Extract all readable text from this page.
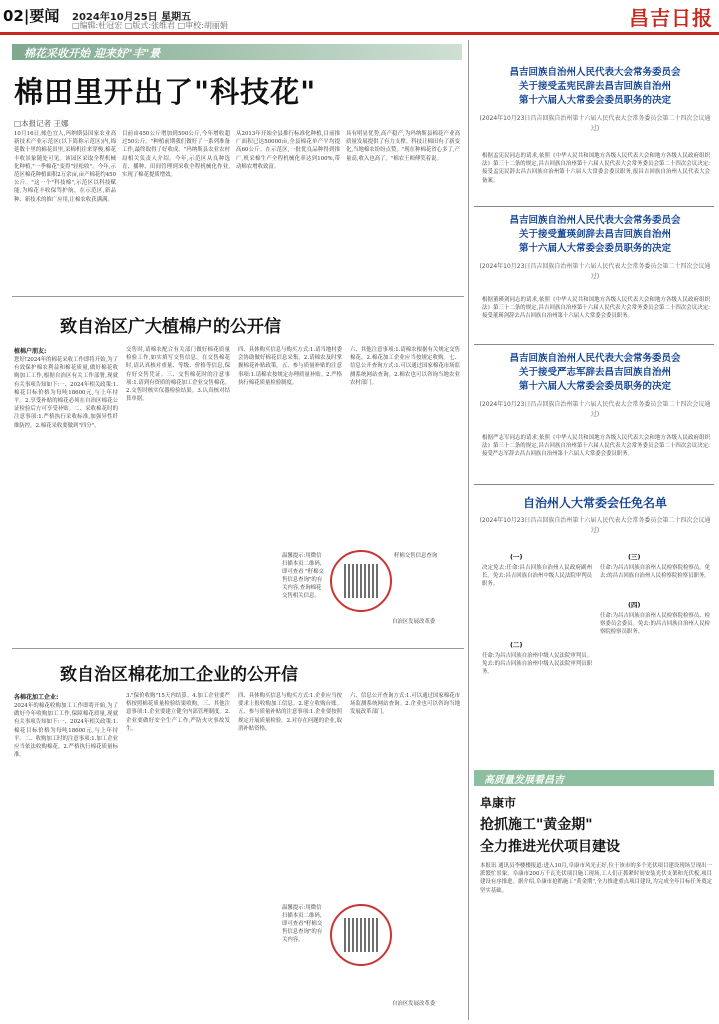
02|要闻 2024年10月25日 星期五
□编辑:杜冠宏 □版式:张维君 □审校:胡丽娟	昌吉日报
棉花采收开始 迎来好"丰"景
棉田里开出了"科技花"
□本报记者 王娜
10月16日,帐色宜人,玛纳斯县国家农业高新技术产业示范区(以下简称示范区)内,绵延数十里的棉花田里,采棉机往来穿梭,棉花丰收景象随处可见。该园区采取全程机械化种植,"一季棉花"变得"轻松收"。今年,示范区棉花种植面积2万余亩,亩产棉花约450公斤。"这一个"科技棉",示范区以科技赋能,为棉花丰收保驾护航。在示范区,新品种、新技术的推广应用,让棉农收获满满。
目前由450公斤增加到500公斤,今年增收超过50公斤。"种植前期我们做好了一系列准备工作,最终取得了好收成。"玛纳斯县农业农村局相关负责人介绍。今年,示范区从良种选育、播种、田间管理到采收全程机械化作业,实现了棉花提质增效。
从2013年开始全县推行标准化种植,目前推广面积已达50000亩,全县棉花单产平均提高60公斤。在示范区,一批优良品种得到推广,机采棉生产全程机械化率达到100%,带动棉农增收致富。
具有明显优势,高产稳产,为玛纳斯县棉花产业高质量发展提供了有力支撑。科技让棉田有了新变化,当地棉农纷纷点赞。"现在种棉花省心多了,产量高,收入也高了。"棉农王师傅笑着说。
致自治区广大植棉户的公开信
植棉户朋友:
您好!2024年的棉花采收工作即将开始,为了有效保护棉农利益和棉花质量,做好棉花收购加工工作,根据自治区有关工作部署,现就有关事项告知如下:一、2024年相关政策:1.棉花目标价格为每吨18600元,与上年持平。2.享受补贴的棉花必须在自治区棉花公证检验后方可享受补贴。二、采收棉花时的注意事项:1.严格执行采收标准,加强异性纤维防控。2.棉花采收要做到"四分"。
交售时,请棉农配合有关部门做好棉花质量检验工作,如实填写交售信息。在交售棉花时,请认真核对重量、等级、价格等信息,保存好交售凭证。三、交售棉花时的注意事项:1.请到有资质的棉花加工企业交售棉花。2.交售时核实仪器检验结果。3.认真核对结算单据。
四、具体购买信息与购买方式:1.请当地村委会协助做好棉花信息采集。2.请棉农及时掌握棉花补贴政策。五、参与质量补贴的注意事项:1.请棉农按规定办理质量补贴。2.严格执行棉花质量检验制度。
六、其他注意事项:1.请棉农根据有关规定交售棉花。2.棉花加工企业应当按规定收购。七、信息公开查询方式:1.可以通过国家棉花市场监测系统网站查询。2.棉农也可以咨询当地农业农村部门。
温馨提示:用微信扫描本页二维码,即可查看 "籽棉交售信息查询"的有关内容,查询棉花交售相关信息。
籽棉交售信息查询
自治区发展改革委
致自治区棉花加工企业的公开信
各棉花加工企业:
2024年的棉花收购加工工作即将开始,为了做好今年收购加工工作,保障棉花质量,现就有关事项告知如下:一、2024年相关政策:1.棉花目标价格为每吨18600元,与上年持平。二、收购加工时的注意事项:1.加工企业应当依法收购棉花。2.严格执行棉花质量标准。
3."保价收购"15天内结算。4.加工企业要严格按照棉花质量检验结果收购。三、其他注意事项:1.企业要建立健全内部管理制度。2.企业要做好安全生产工作,严防火灾事故发生。
四、具体购买信息与购买方式:1.企业应当按要求上报收购加工信息。2.建立收购台账。五、参与质量补贴的注意事项:1.企业要按照规定开展质量检验。2.对存在问题的企业,取消补贴资格。
六、信息公开查询方式:1.可以通过国家棉花市场监测系统网站查询。2.企业也可以咨询当地发展改革部门。
温馨提示:用微信扫描本页二维码,即可查看"籽棉交售信息查询"的有关内容。
自治区发展改革委
昌吉回族自治州人民代表大会常务委员会
关于接受孟宪民辞去昌吉回族自治州
第十六届人大常委会委员职务的决定
(2024年10月23日昌吉回族自治州第十六届人民代表大会常务委员会第二十四次会议通过)
根据孟宪民同志的请求,依照《中华人民共和国地方各级人民代表大会和地方各级人民政府组织法》第三十二条的规定,昌吉回族自治州第十六届人民代表大会常务委员会第二十四次会议决定:接受孟宪民辞去昌吉回族自治州第十六届人大常委会委员职务,报昌吉回族自治州人民代表大会备案。
昌吉回族自治州人民代表大会常务委员会
关于接受董瑛剑辞去昌吉回族自治州
第十六届人大常委会委员职务的决定
(2024年10月23日昌吉回族自治州第十六届人民代表大会常务委员会第二十四次会议通过)
根据董瑛剑同志的请求,依照《中华人民共和国地方各级人民代表大会和地方各级人民政府组织法》第三十二条的规定,昌吉回族自治州第十六届人民代表大会常务委员会第二十四次会议决定:接受董瑛剑辞去昌吉回族自治州第十六届人大常委会委员职务。
昌吉回族自治州人民代表大会常务委员会
关于接受严志军辞去昌吉回族自治州
第十六届人大常委会委员职务的决定
(2024年10月23日昌吉回族自治州第十六届人民代表大会常务委员会第二十四次会议通过)
根据严志军同志的请求,依照《中华人民共和国地方各级人民代表大会和地方各级人民政府组织法》第三十二条的规定,昌吉回族自治州第十六届人民代表大会常务委员会第二十四次会议决定:接受严志军辞去昌吉回族自治州第十六届人大常委会委员职务。
自治州人大常委会任免名单
(2024年10月23日昌吉回族自治州第十六届人民代表大会常务委员会第二十四次会议通过)
(一)
(二)
(三)
(四)
决定免去:任命:昌吉回族自治州人民政府副州长。免去:昌吉回族自治州中级人民法院审判员职务。
任命:为昌吉回族自治州中级人民法院审判员。免去:的昌吉回族自治州中级人民法院审判员职务。
任命:为昌吉回族自治州人民检察院检察员。免去:的昌吉回族自治州人民检察院检察员职务。
任命:为昌吉回族自治州人民检察院检察员、检察委员会委员。免去:的昌吉回族自治州人民检察院检察员职务。
高质量发展看昌吉
阜康市
抢抓施工"黄金期"
全力推进光伏项目建设
本报讯 通讯员李楼楼报道:进入10月,阜康市风光正好,位于该市的多个光伏项目建设现场呈现出一派繁忙景象。阜康市200万千瓦光伏项目施工现场,工人们正抓紧时间安装光伏支架和光伏板,项目建设有序推进。据介绍,阜康市抢抓施工"黄金期",全力推进重点项目建设,为完成全年目标任务奠定坚实基础。
